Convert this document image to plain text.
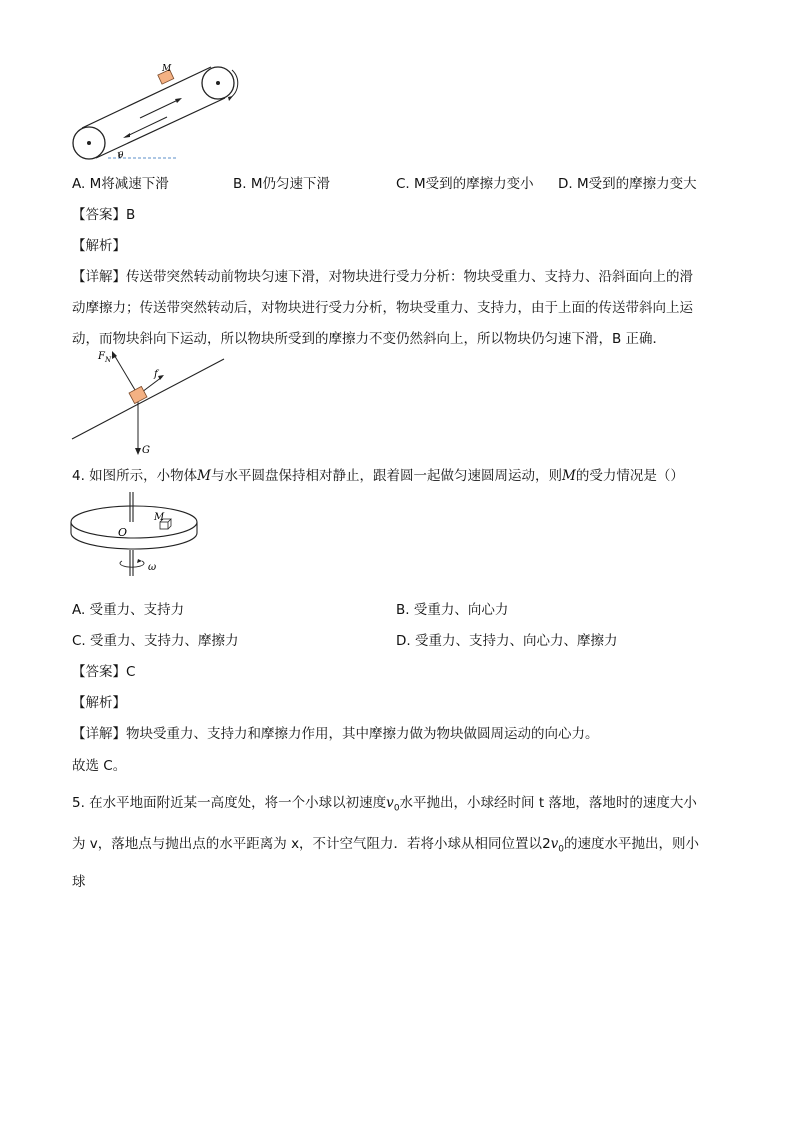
M
θ
A. M将减速下滑	B. M仍匀速下滑	C. M受到的摩擦力变小 D. M受到的摩擦力变大
【答案】B
【解析】
【详解】传送带突然转动前物块匀速下滑，对物块进行受力分析：物块受重力、支持力、沿斜面向上的滑
动摩擦力；传送带突然转动后，对物块进行受力分析，物块受重力、支持力，由于上面的传送带斜向上运
动，而物块斜向下运动，所以物块所受到的摩擦力不变仍然斜向上，所以物块仍匀速下滑，B 正确．
F N
f
G
4. 如图所示，小物体M与水平圆盘保持相对静止，跟着圆一起做匀速圆周运动，则M的受力情况是（）
O
M
ω
A. 受重力、支持力	B. 受重力、向心力
C. 受重力、支持力、摩擦力	D. 受重力、支持力、向心力、摩擦力
【答案】C
【解析】
【详解】物块受重力、支持力和摩擦力作用，其中摩擦力做为物块做圆周运动的向心力。
故选 C。
5. 在水平地面附近某一高度处，将一个小球以初速度$v_0$水平抛出，小球经时间 t 落地，落地时的速度大小
为 v，落地点与抛出点的水平距离为 x，不计空气阻力．若将小球从相同位置以$2v_0$的速度水平抛出，则小
球
